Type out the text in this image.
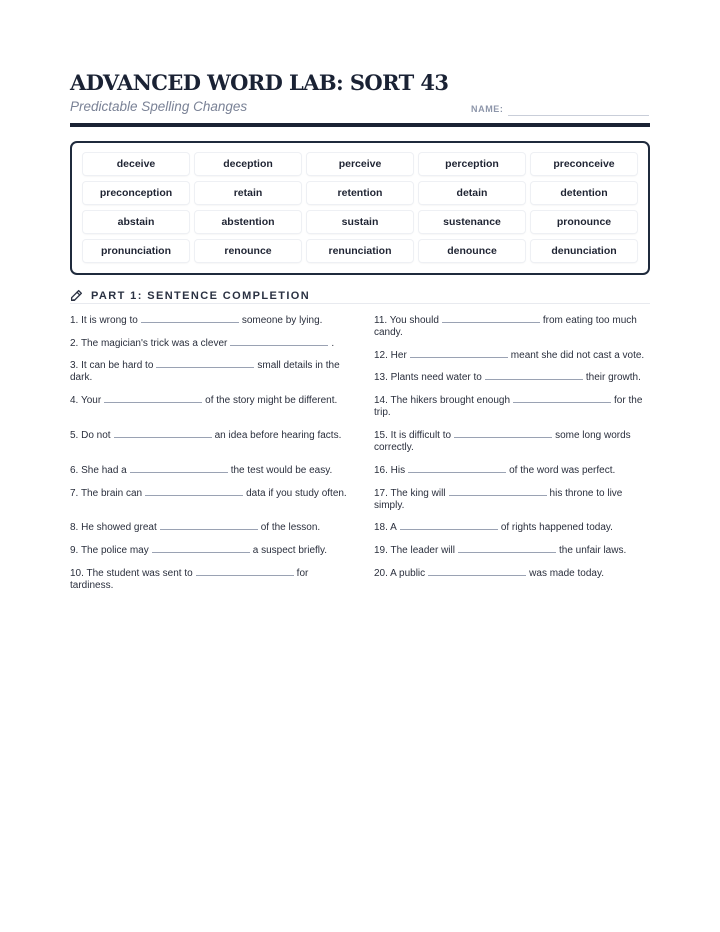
ADVANCED WORD LAB: SORT 43
Predictable Spelling Changes	NAME:
deceive	deception	perceive	perception	preconceive
preconception	retain	retention	detain	detention
abstain	abstention	sustain	sustenance	pronounce
pronunciation	renounce	renunciation	denounce	denunciation
PART 1: SENTENCE COMPLETION
1. It is wrong to	someone by lying.
2. The magician's trick was a clever	.
3. It can be hard to	small details in the dark.
4. Your	of the story might be different.
5. Do not	an idea before hearing facts.
6. She had a	the test would be easy.
7. The brain can	data if you study often.
8. He showed great	of the lesson.
9. The police may	a suspect briefly.
10. The student was sent to	for tardiness.
11. You should	from eating too much candy.
12. Her	meant she did not cast a vote.
13. Plants need water to	their growth.
14. The hikers brought enough	for the trip.
15. It is difficult to	some long words correctly.
16. His	of the word was perfect.
17. The king will	his throne to live simply.
18. A	of rights happened today.
19. The leader will	the unfair laws.
20. A public	was made today.
